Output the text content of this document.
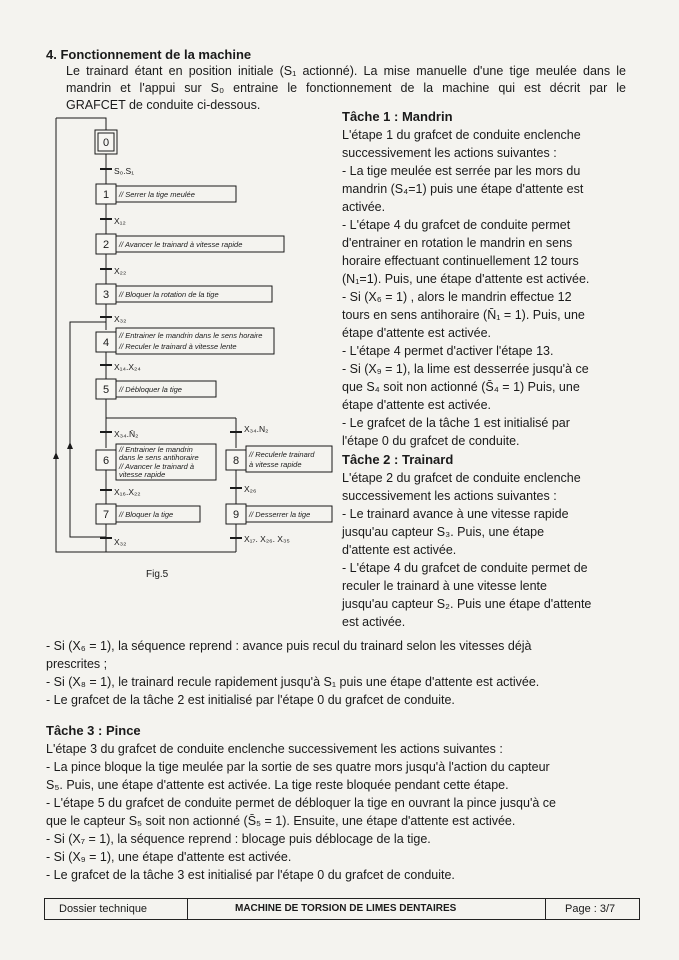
4. Fonctionnement de la machine
Le trainard étant en position initiale (S₁ actionné). La mise manuelle d'une tige meulée dans le
mandrin et l'appui sur S₀ entraine le fonctionnement de la machine qui est décrit par le
GRAFCET de conduite ci-dessous.
0
1
2
3
4
5
6
7
8
9
// Serrer la tige meulée
// Avancer le trainard à vitesse rapide
// Bloquer la rotation de la tige
// Entrainer le mandrin dans le sens horaire
// Reculer le trainard à vitesse lente
// Débloquer la tige
// Entrainer le mandrin
dans le sens antihoraire
// Avancer le trainard à
vitesse rapide
// Bloquer la tige
// Reculerle trainard
à vitesse rapide
// Desserrer la tige
S₀.S₁
X₁₂
X₂₂
X₃₂
X₁₄.X₂₄
X₃₄.N̄₂	X₃₄.N₂
X₁₆.X₂₂	X₂₆
X₃₂	X₁₇. X₂₆. X₃₅
Fig.5
Tâche 1 : Mandrin
L'étape 1 du grafcet de conduite enclenche
successivement les actions suivantes :
- La tige meulée est serrée par les mors du
mandrin (S₄=1) puis une étape d'attente est
activée.
- L'étape 4 du grafcet de conduite permet
d'entrainer en rotation le mandrin en sens
horaire effectuant continuellement 12 tours
(N₁=1). Puis, une étape d'attente est activée.
- Si (X₆ = 1) , alors le mandrin effectue 12
tours en sens antihoraire (N̄₁ = 1). Puis, une
étape d'attente est activée.
- L'étape 4 permet d'activer l'étape 13.
- Si (X₉ = 1), la lime est desserrée jusqu'à ce
que S₄ soit non actionné (S̄₄ = 1) Puis, une
étape d'attente est activée.
- Le grafcet de la tâche 1 est initialisé par
l'étape 0 du grafcet de conduite.
Tâche 2 : Trainard
L'étape 2 du grafcet de conduite enclenche
successivement les actions suivantes :
- Le trainard avance à une vitesse rapide
jusqu'au capteur S₃. Puis, une étape
d'attente est activée.
- L'étape 4 du grafcet de conduite permet de
reculer le trainard à une vitesse lente
jusqu'au capteur S₂. Puis une étape d'attente
est activée.
- Si (X₆ = 1), la séquence reprend : avance puis recul du trainard selon les vitesses déjà
prescrites ;
- Si (X₈ = 1), le trainard recule rapidement jusqu'à S₁ puis une étape d'attente est activée.
- Le grafcet de la tâche 2 est initialisé par l'étape 0 du grafcet de conduite.
Tâche 3 : Pince
L'étape 3 du grafcet de conduite enclenche successivement les actions suivantes :
- La pince bloque la tige meulée par la sortie de ses quatre mors jusqu'à l'action du capteur
S₅. Puis, une étape d'attente est activée. La tige reste bloquée pendant cette étape.
- L'étape 5 du grafcet de conduite permet de débloquer la tige en ouvrant la pince jusqu'à ce
que le capteur S₅ soit non actionné (S̄₅ = 1). Ensuite, une étape d'attente est activée.
- Si (X₇ = 1), la séquence reprend : blocage puis déblocage de la tige.
- Si (X₉ = 1), une étape d'attente est activée.
- Le grafcet de la tâche 3 est initialisé par l'étape 0 du grafcet de conduite.
Dossier technique	MACHINE DE TORSION DE LIMES DENTAIRES	Page : 3/7
